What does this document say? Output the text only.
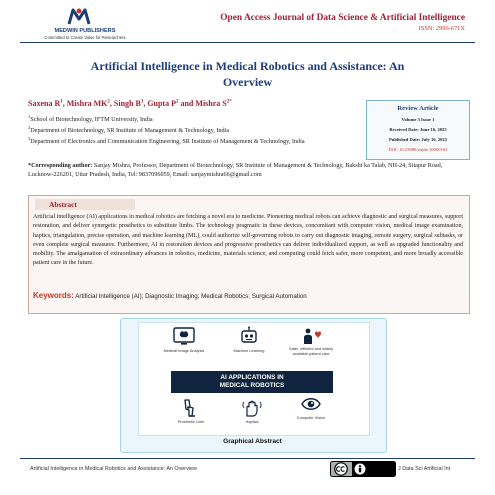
MEDWIN PUBLISHERS
Committed to Create Value for Researchers
Open Access Journal of Data Science & Artificial Intelligence
ISSN: 2996-671X
Artificial Intelligence in Medical Robotics and Assistance: An
Overview
Saxena $R^1$, Mishra $MK^2$, Singh $B^3$, Gupta $P^2$ and Mishra $S^{2*}$
$^1$School of Biotechnology, IFTM University, India
$^2$Department of Biotechnology, SR Institute of Management & Technology, India
$^3$Department of Electronics and Communication Engineering, SR Institute of Management & Technology, India
Review Article
Volume 3 Issue 1
Received Date: June 16, 2025
Published Date: July 16, 2025
DOI: 10.23880/oajda-16000162
*Corresponding author: Sanjay Mishra, Professor, Department of Biotechnology, SR Institute of Management & Technology, Bakshi ka Talab, NH-24, Sitapur Road, Lucknow-226201, Uttar Pradesh, India, Tel: 9837096059, Email: sanjaymishra66@gmail.com
Abstract
Artificial intelligence (AI) applications in medical robotics are fetching a novel era to medicine. Pioneering medical robots can achieve diagnostic and surgical measures, support restoration, and deliver synergetic prosthetics to substitute limbs. The technology pragmatic in these devices, concomitant with computer vision, medical image examination, haptics, triangulation, precise operation, and machine learning (ML), could authorize self-governing robots to carry out diagnostic imaging, remote surgery, surgical subtasks, or even complete surgical measures. Furthermore, AI in restoration devices and progressive prosthetics can deliver individualized support, as well as upgraded functionality and mobility. The amalgamation of extraordinary advances in robotics, medicine, materials science, and computing could fetch safer, more competent, and more broadly accessible patient care in the future.
Keywords: Artificial Intelligence (AI); Diagnostic Imaging; Medical Robotics; Surgical Automation
Medical Image Analysis	Machine Learning	Safer, efficient and widely available patient care
AI APPLICATIONS IN
MEDICAL ROBOTICS
Prosthetic Limb	Haptics
Computer Vision
Graphical Abstract
Artificial Intelligence in Medical Robotics and Assistance: An Overview	J Data Sci Artificial Int
